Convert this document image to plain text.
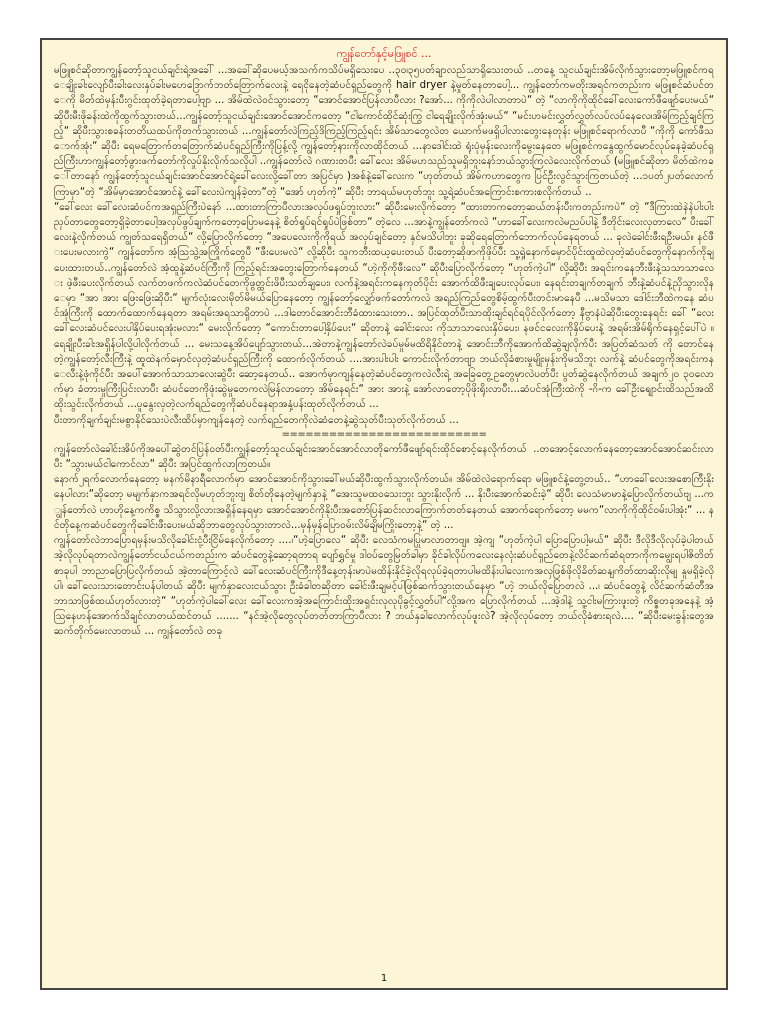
ကျွန်တော်နှင့်မဖြူစင် ...

မဖြူစင်ဆိုတာကျွန်တော့်သူငယ်ချင်းရဲ့အခေါ် ...အခေါ်ဆိုပေမယ့်အသက်ကသိပ်မရှိသေးပေ ..၃၀၊၃၅ပတ်ချာလည်သာရှိသေးတယ် ..တနေ့ သူငယ်ချင်းအိမ်လိုက်သွားတော့မဖြူစင်ကရေချိုးခါးလျော်ပီးခါးလေးနှပ်ခါးမဟေဒြောက်ဘတ်တြောက်လေးနဲ့ ရေငိုနေတဲ့ဆံပင်ရှည်တွေကို hair dryer နဲ့မှုတ်နေတာပေါ့... ကျွန်တော်ကမတိုးအရင်ကတည်းက မဖြူစင်ဆံပင်တေကို မိတ်ထဲမှန်းပီးဂွင်းထုတ်ခဲ့ရတာပေါ့ဗျာ ... အိမ်ထဲလဲဝင်သွားတော့ “အောင်အောင်ပြန်လာပီလား ?အော်... ကိုကိုလဲပါလာတာပဲ“ တဲ့ “လာကိုကိုထိုင်ခေါ်လေးကော်ဖီဖျော်ပေးမယ်“ ဆိုပီးမီးဖိုခန်းထဲကိုထွက်သွားတယ်...ကျွန်တော့်သူငယ်ချင်းအောင်အောင်ကတော့ “ငါကောင်ထိုင်ဆုံးကြွ ငါရေချိုးလိုက်အုံးမယ်“ “မင်းဟမင်းလွှတ်လွှတ်လပ်လပ်နေလေ၊အိမ်ကြည့်ချင်ကြည့်“ ဆိုပီးသွားစခန်းတတိယထပ်ကိုတက်သွားတယ် ...ကျွန်တော်လဲကြည့်ဒိကြည့်ကြည့်ရင်း အိမ်သာတွေလဲတ ယောက်မဖရှိပါလားတွေးနေတုန်း မဖြူစင်ရောက်လာပီ “ကိုကို ကော်ဖီသောက်အုံး“ ဆိုပီး ရေမတြောက်တတြောက်ဆံပင်ရှည်ကြီးကိုပြန့်လို့ ကျွန်တော့်နားကိုလာထိုင်တယ် ...နာဒေါင်းထဲ ရုံးပုံမှန်းလေးကိုမွေးနေတေ မဖြူစင်ကနွေထွက်မောင်လုပ်နေခဲ့ဆံပင်ရှည်ကြီးဟာကျွန်တော့်ဖွားဖက်တော်ကိုလှုပ်နိုးလိုက်သလိုပါ ..ကျွန်တော်လဲ ဂဏားတပီး ခေါ်လေး အိမ်မဟသည်သူမရှိဘူးနော်ဘယ်သွားကြလဲလေးလိုက်တယ် (မဖြူစင်ဆိုတာ မိတ်ထဲကခေါ်တာနော် ကျွန်တော့်သူငယ်ချင်းအောင်အောင်ရဲ့ခေါ်လေးလို့ခေါ်တာ အပြင်မှာ )အစ်နဲ့ခေါ်လေးက “ဟုတ်တယ် အိမ်ကဟာတွေက ပြင်ဦးလွင်သွားကြတယ်တဲ့ ...၁ပတ်၂ပတ်လောက်ကြာမှာ“တဲ့ “အိမ်မှာအောင်အောင်နဲ့ ခေါ်လေးပဲကျန်ခဲ့တာ“တဲ့ “အော် ဟုတ်ကဲ့“ ဆိုပီး ဘာရယ်မဟုတ်ဘူး သူ့ရဲ့ဆံပင်အကြောင်းစကားစလိုက်တယ် ..

“ခေါ်လေး ခေါ်လေးဆံပင်ကအရှည်ကြီးပဲနော် ...ထားတာကြာပီလားအလှပ်ဖရှုပ်ဘူးလား“ ဆိုပီးမေးလိုက်တော့ “ထားတာကတော့ဆယ်တန်းပီးကတည်းကပဲ“ တဲ့ “ဒီကြားထဲနဲနဲပါးပါးညှပ်တာတွေတော့ရှိခဲ့တာပေါ့အလှပ်ဖွပ်ချက်ကတော့ပြောမနေနဲ့ စိတ်ရှုပ်ရင်ရှုပ်ပဲဖြစ်တာ“ တဲ့လေ ...အာနဲ့ကျွန်တော်ကလဲ “ဟာခေါ်လေးကလဲမညပ်ပါနဲ့ ဒီတိုင်းလေးလှတာလေ“ ပီးခေါ်လေးနဲ့လိုက်တယ် ကျွတ်သရေရှိတယ်“ လို့ပြောလိုက်တော့ “အပေလေးကိုကိုရယ် အလှပ်ချင်တော့ နှင်မသိပါဘူး ခုဆိုရေတြောက်ဘောက်လုပ်နေရတယ် ... ခုလဲခေါင်းဖီးရဦးမယ်။ နင်ဖီးပေးမလားကွဲ“ ကျွန်တော်က အံ့သြသွဲ့အကြိုက်တွေပီ “ဖီးပေးမလဲ“ လို့ဆိုပီး သူကဘီးထယ့ပေးတယ် ပီးတော့ဆိုဖာကိုဖိုပ်ပီး သူ့ရှဲ့နောက်မှောင်ပိုင်းထူထဲလှတဲ့ဆံပင်တွေကိုနောက်ကိုချပေးထားတယ်..ကျွန်တော်လဲ အံ့ထူနဲ့ဆံပင်ကြီးကို ကြည့်ရင်းအတွေးတြောက်နေတယ် “ဟဲ့ကိုကိုဖီးလေ“ ဆိုပီးပြောလိုက်တော့ “ဟုတ်ကဲ့ပါ“ လို့ဆိုပီး အရင်းကနေဘီးဖီးနဲ့သသာသာလေး ဖဲ့ဖီးပေးလိုက်တယ် လက်တဖက်ကလဲဆံပင်တေကိုဖွတ္ထင်းဖိပီးသတ်ချပေး၊ လက်နဲ့အရင်းကနေကုတ်ပိုင်း အောက်ထိဖီးချပေးလုပ်ပေး၊ နေရင်းတချက်တချက် ဘီးနဲ့ဆံပင်နဲ့ညှိသွားလိုနေမှာ “အာ အား ဖြေးဖြေးဆိုပီး“ မျက်လုံးလေးမိုတ်မိမယ်ပြောနေတော့ ကျွန်တော့်လျှော်ဖက်တော်ကလဲ အရည်ကြည်တွေစိမ့်ထွက်ပီးတင်းမာနေပီ ...မသိမသာ ဒေါင်းဘီထဲကနေ ဆံပင်အုံကြီးကို ထောက်ထောက်နေရတာ အရမ်းအရသာရှိတာပဲ ...ဒါတောင်အောင်းဘီခံထားသေးတာ.. အပြင်ထုတ်ပီးသာထိုးချင်ရင်ရပိုင်လိုက်တော့ နီဗွာနံပဲဆိုပီးတွေးနေရင်း ခေါ် “လေး ခေါ်လေးဆံပင်လေးပါနှိပ်ပေးရအုံးမလား“ မေးလိုက်တော့ “ကောင်းတာပေါ့နှိပ်ပေး“ ဆိုတာနဲ့ ခေါင်းလေး ကိုသာသာလေးနှိပ်ပေး၊ နဖင်ငလေးကိုနှိပ်ပေးနဲ့ အရမ်းအိမ်ရိုက်နေရှင့်ပေါ်ပဲ ။ ရေချိုးပီးခါးအရှိန်ပါလို့ပါလိုက်တယ် ... မေးသနေ့အိပ်ပျော်သွားတယ်...အဲတာနဲ့ကျွန်တော်လဲခပ်မှုမ်မထိရိနိုင်တာနဲ့ အောင်းဘီကိုအောက်ထိဆွဲချလိုက်ပီး အပြတ်ဆံသတ် ကို တောင်နေတဲ့ကျွန်တော့်လီးကြီးနဲ့ ထူထဲနက်မှောင်လှတဲ့ဆံပင်ရှည်ကြီးကို ထောက်လိုက်တယ် ....အားပါးပါး ကောင်းလိုက်တာဗျာ ဘယ်လိုခံစားမှုမျိုးမှန်းကိုမသိဘူး လက်နဲ့ ဆံပင်တွေကိုအရင်းကနေလီးနဲ့ဖုံကိုင်ပီး အပေါ်အောက်သာသာလေးဆွဲပီး ဆော့နေတယ်.. အောက်မှာကျန်နေတဲ့ဆံပင်တွေကလဲလီးရဲ့ အခြေတွေ့ဥတွေမှာလဲပတ်ပီး ပွတ်ဆွဲနေလိုက်တယ် အချက်၂၀ ၃၀လောက်မှာ ခံတားမှုကြီးပြင်းလာပီး ဆံပင်တေကိုဖုံးဆွဲမှုတေကလဲမြန်လာတော့ အိမ်နေရင်း“ အား အားနဲ့ အော်လာတော့ပိုဖိုးရိုးလာပီး...ဆံပင်အုံကြီးထဲကို -ဂိ-က ခေါ်ဦးရျောင်းထိသည်အထိထိုးသွင်းလိုက်တယ် ...ပူနွေးလှတဲ့လက်ရည်တွေကိုဆံပင်နေရာအနှံ့ပန်းထုတ်လိုက်တယ် ...

ပီးတာကိုချက်ချင်းမစွာနိုင်သေးပဲလီးထိပ်မှာကျန်နေတဲ့ လက်ရည်တေကိုလဲဆံတေနဲ့ဆွဲသုတ်ပီးသုတ်လိုက်တယ် ...

==========================

ကျွန်တော်လဲခေါင်းအိပ်ကိုအပေါ်ဆွဲတင်ပြန်ဝတ်ပီးကျွန်တော့်သူငယ်ချင်းအောင်အောင်လာတိုကော်ဖီဖျော်ရင်းထိုင်စောင့်နေလိုက်တယ် ..တအောင့်လောက်နေတော့အောင်အောင်ဆင်းလာပီး “သွားမယ်ငါကောင်လာ“ ဆိုပီး အပြင်ထွက်လာကြတယ်။

နောက်၂ရက်လောက်နေတော့ မနက်မိနာရီလောက်မှာ အောင်အောင်ကိုသွားခေါ်မယ်ဆိုပီးထွက်သွားလိုက်တယ်။ အိမ်ထဲလဲရောက်ရော မဖြူစင်နဲ့တွေ့တယ်.. “ဟာခေါ်လေးအစောကြီးနိုးနေပါလား“ဆိုတော့ မမျက်နှာကအရင်လိုမဟုတ်ဘူးဗျ စိတ်တိုနေတဲ့မျက်နှာနဲ့ “အေးသူမထဝသေးဘူး သွားနိုးလိုက် ... နိုးပီးအောက်ဆင်းခဲ့“ ဆိုပီး လေသံမာမာနဲ့ပြောလိုက်တယ်ဗျ ...ကျွန်တော်လဲ ဟာဟိုနေ့ကကိစ္စ သိသွားလို့လားအရှိန်နေရမှာ အောင်အောင်ကိုနိုးပီးအတော်ပြန်ဆင်းလာကြောက်တတ်နေတယ် အောက်ရောက်တော့ မမက“လာကိုကိုထိုင်ဝမ်းပါအုံး“ ... နင်တိုနေ့ကဆံပင်တွေကိုခေါင်းဖီးပေးမယ်ဆိုဘာတွေလုပ်သွားတာလဲ...မှန်မှန်ပြောဝမ်းလိမ်ချိမကြိုးတော့နဲ့“ တဲ့ ...

ကျွန်တော်လဲဘာပြောရမှန်းမသိလိုခေါင်းငုံ့ပီးငြိမ်နေလိုက်တော့ ....၊“ဟဲ့ပြောလေ“ ဆိုပီး လေသံကမပြုမာလာတာဗျ။ အဲ့ကျ “ဟုတ်ကဲ့ပါ ပြောပြောပါ့မယ်“ ဆိုပီး ဒီလိုဒီလိုလုပ်ခဲ့ပါတယ် အဲ့လိုလုပ်ရတာလဲကျွန်တော်ငယ်ငယ်ကတည်းက ဆံပင်တွေနဲ့ဆော့ရတာရ ပျော်ရွှင်မှု ဒါဝပ်တွေမြတ်ခါမှာ ခိုင်ခါလိုပ်ကလေးနေလုံးဆံပင်ရှည်တေနဲ့လိင်ဆက်ဆံရတာကိုကမျွေးရပါဇိတိတ်စာခုပါ ဘာညာပြောပြလိုက်တယ် အဲ့တာကြောင့်လဲ ခေါ်လေးဆံပင်ကြီးကိုဒီနေ့တုန်းမာပဲမထိန်းနိုင်ခဲ့လိုရလုပ်ခဲ့ရတာပါမထိန်းပါလေးကအလှဖြစ်ဖိုလိုခိတ်ဆနျကိတ်ထာဆိုးလိုမျ နူမရှိခဲ့လိုပါ၊ ခေါ်လေးသားတောင်းပန်ပါတယ် ဆိုပီး မျက်နှာလေးငယ်သွား ဦးခံခါတဆိုတာ ခေါင်းဖီးချမင့်ပါဖြစ်ဆက်သွားတယ်နေမှာ “ဟဲ့ ဘယ်လိုပြောတလဲ ...၊ ဆံပင်တွေနဲ့ လိင်ဆက်ဆံတီအဘာသာဖြစ်ထယ်ဟုတ်လားတဲ့“ “ဟုတ်ကဲ့ပါခေါ်လေး ခေါ်လေးကအဲ့အကြောင်းထိုးအရှင်းလုလုပိုခွင့်လွှတ်ပါ“လို့အက ပြောလိုက်တယ် ...အဲ့ဒါနဲ့ သူ့ငါးမကြား‌ဖူးတဲ့ ကိစ္စတခုအနေနဲ့ အံ့သြနေဟန်အောက်သိချင်လာတယ်ထင်တယ် ....... “နင်အဲ့လိုတွေလုပ်တတ်တာကြာပီလား ? ဘယ်နှခါလောက်လုပ်ဖူးလဲ? အဲ့လိုလုပ်တော့ ဘယ်လိုခံစားရလဲ.... “ဆိုပီးမေးခွန်းတွေအဆက်တိုက်မေးလာတယ် ... ကျွန်တော်လဲ တခု

1
